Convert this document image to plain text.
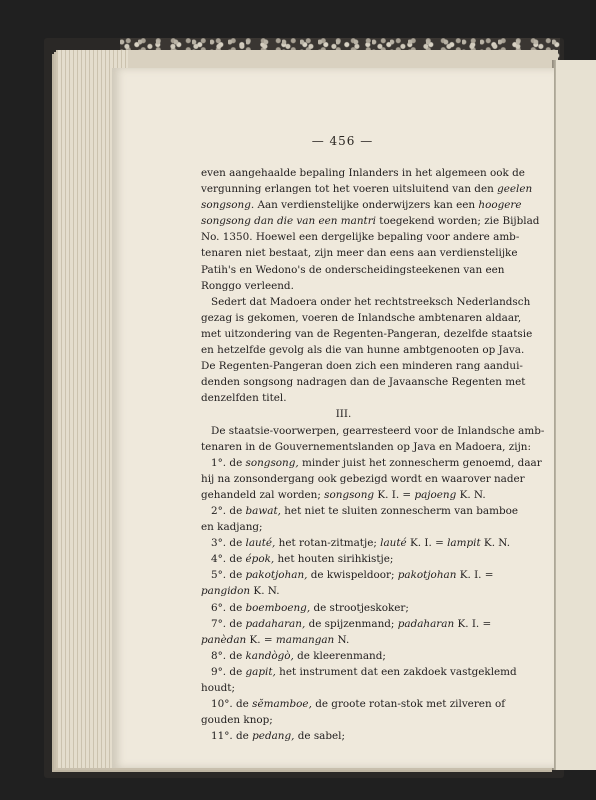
— 456 —
even aangehaalde bepaling Inlanders in het algemeen ook de
vergunning erlangen tot het voeren uitsluitend van den geelen
songsong. Aan verdienstelijke onderwijzers kan een hoogere
songsong dan die van een mantri toegekend worden; zie Bijblad
No. 1350. Hoewel een dergelijke bepaling voor andere amb-
tenaren niet bestaat, zijn meer dan eens aan verdienstelijke
Patih's en Wedono's de onderscheidingsteekenen van een
Ronggo verleend.
Sedert dat Madoera onder het rechtstreeksch Nederlandsch
gezag is gekomen, voeren de Inlandsche ambtenaren aldaar,
met uitzondering van de Regenten-Pangeran, dezelfde staatsie
en hetzelfde gevolg als die van hunne ambtgenooten op Java.
De Regenten-Pangeran doen zich een minderen rang aandui-
denden songsong nadragen dan de Javaansche Regenten met
denzelfden titel.
III.
De staatsie-voorwerpen, gearresteerd voor de Inlandsche amb-
tenaren in de Gouvernementslanden op Java en Madoera, zijn:
1°. de songsong, minder juist het zonnescherm genoemd, daar
hij na zonsondergang ook gebezigd wordt en waarover nader
gehandeld zal worden; songsong K. I. = pajoeng K. N.
2°. de bawat, het niet te sluiten zonnescherm van bamboe
en kadjang;
3°. de lauté, het rotan-zitmatje; lauté K. I. = lampit K. N.
4°. de épok, het houten sirihkistje;
5°. de pakotjohan, de kwispeldoor; pakotjohan K. I. =
pangidon K. N.
6°. de boemboeng, de strootjeskoker;
7°. de padaharan, de spijzenmand; padaharan K. I. =
panèdan K. = mamangan N.
8°. de kandògò, de kleerenmand;
9°. de gapit, het instrument dat een zakdoek vastgeklemd
houdt;
10°. de sĕmamboe, de groote rotan-stok met zilveren of
gouden knop;
11°. de pedang, de sabel;
